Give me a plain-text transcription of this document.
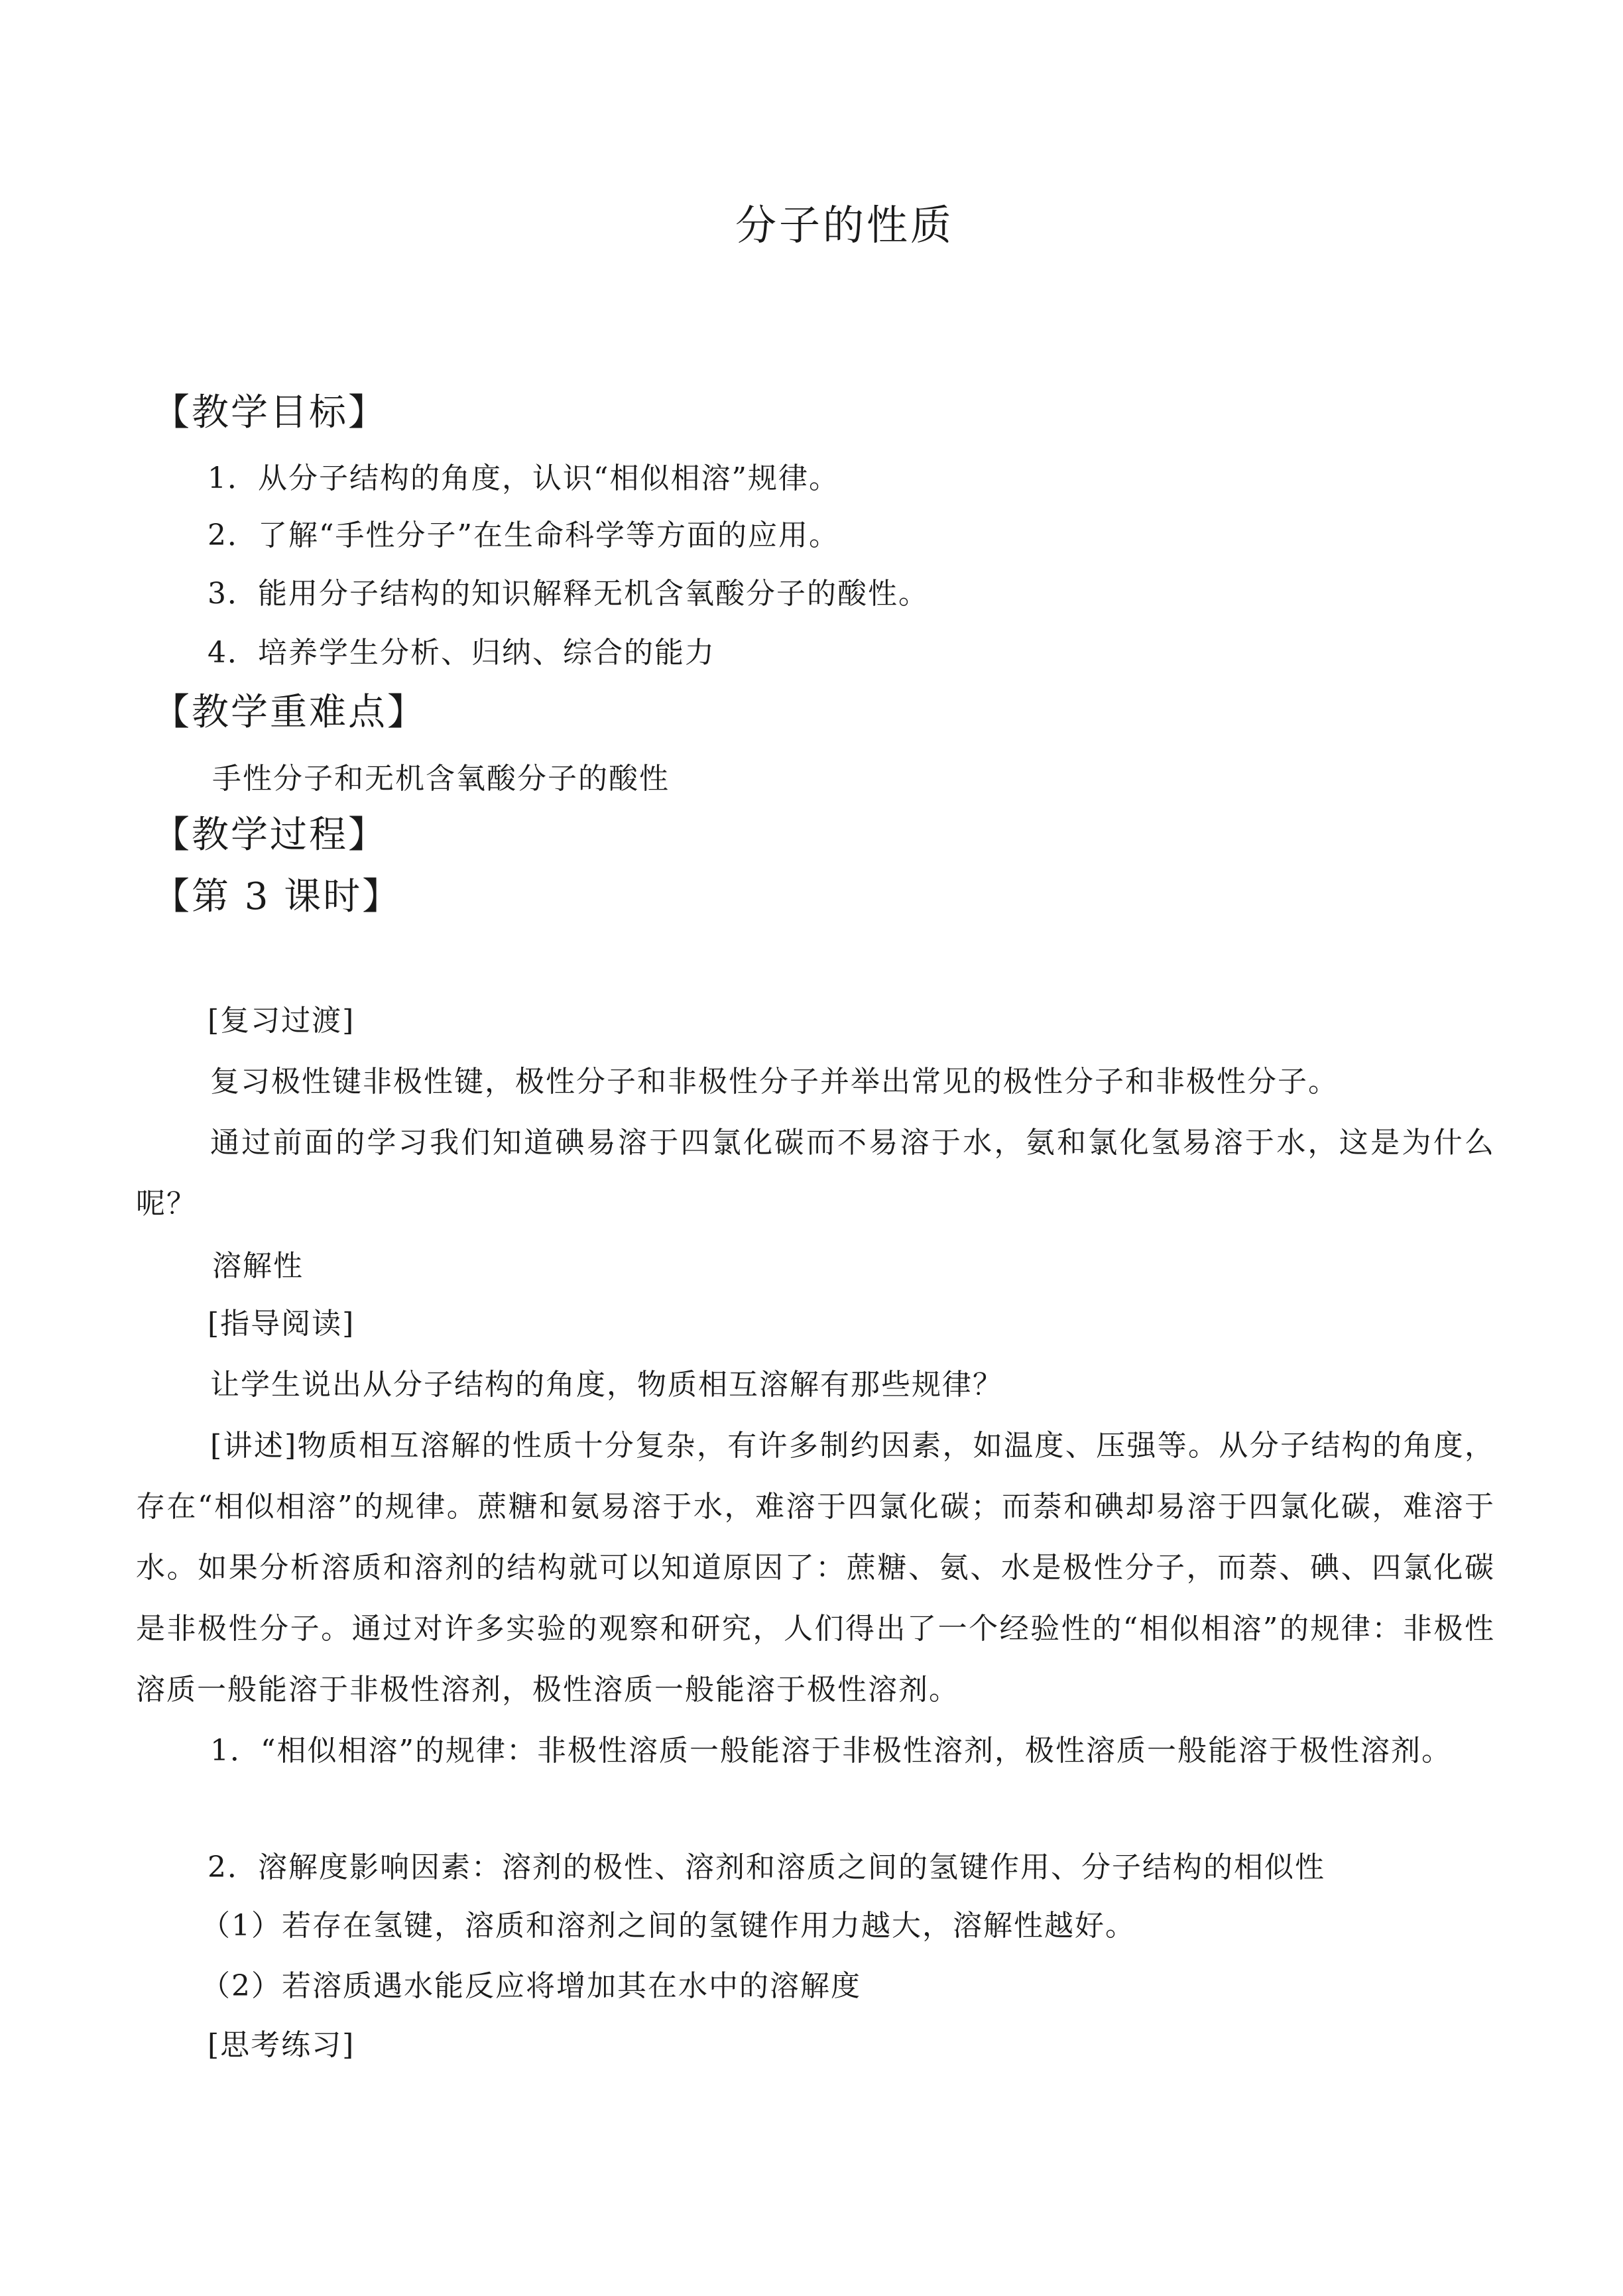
分子的性质
【教学目标】
1．从分子结构的角度，认识“相似相溶”规律。
2．了解“手性分子”在生命科学等方面的应用。
3．能用分子结构的知识解释无机含氧酸分子的酸性。
4．培养学生分析、归纳、综合的能力
【教学重难点】
手性分子和无机含氧酸分子的酸性
【教学过程】
【第 3 课时】
[复习过渡]
复习极性键非极性键，极性分子和非极性分子并举出常见的极性分子和非极性分子。
通过前面的学习我们知道碘易溶于四氯化碳而不易溶于水，氨和氯化氢易溶于水，这是为什么呢？
溶解性
[指导阅读]
让学生说出从分子结构的角度，物质相互溶解有那些规律？
[讲述]物质相互溶解的性质十分复杂，有许多制约因素，如温度、压强等。从分子结构的角度，存在“相似相溶”的规律。蔗糖和氨易溶于水，难溶于四氯化碳；而萘和碘却易溶于四氯化碳，难溶于水。如果分析溶质和溶剂的结构就可以知道原因了：蔗糖、氨、水是极性分子，而萘、碘、四氯化碳是非极性分子。通过对许多实验的观察和研究，人们得出了一个经验性的“相似相溶”的规律：非极性溶质一般能溶于非极性溶剂，极性溶质一般能溶于极性溶剂。
1．“相似相溶”的规律：非极性溶质一般能溶于非极性溶剂，极性溶质一般能溶于极性溶剂。
2．溶解度影响因素：溶剂的极性、溶剂和溶质之间的氢键作用、分子结构的相似性
（1）若存在氢键，溶质和溶剂之间的氢键作用力越大，溶解性越好。
（2）若溶质遇水能反应将增加其在水中的溶解度
[思考练习]
